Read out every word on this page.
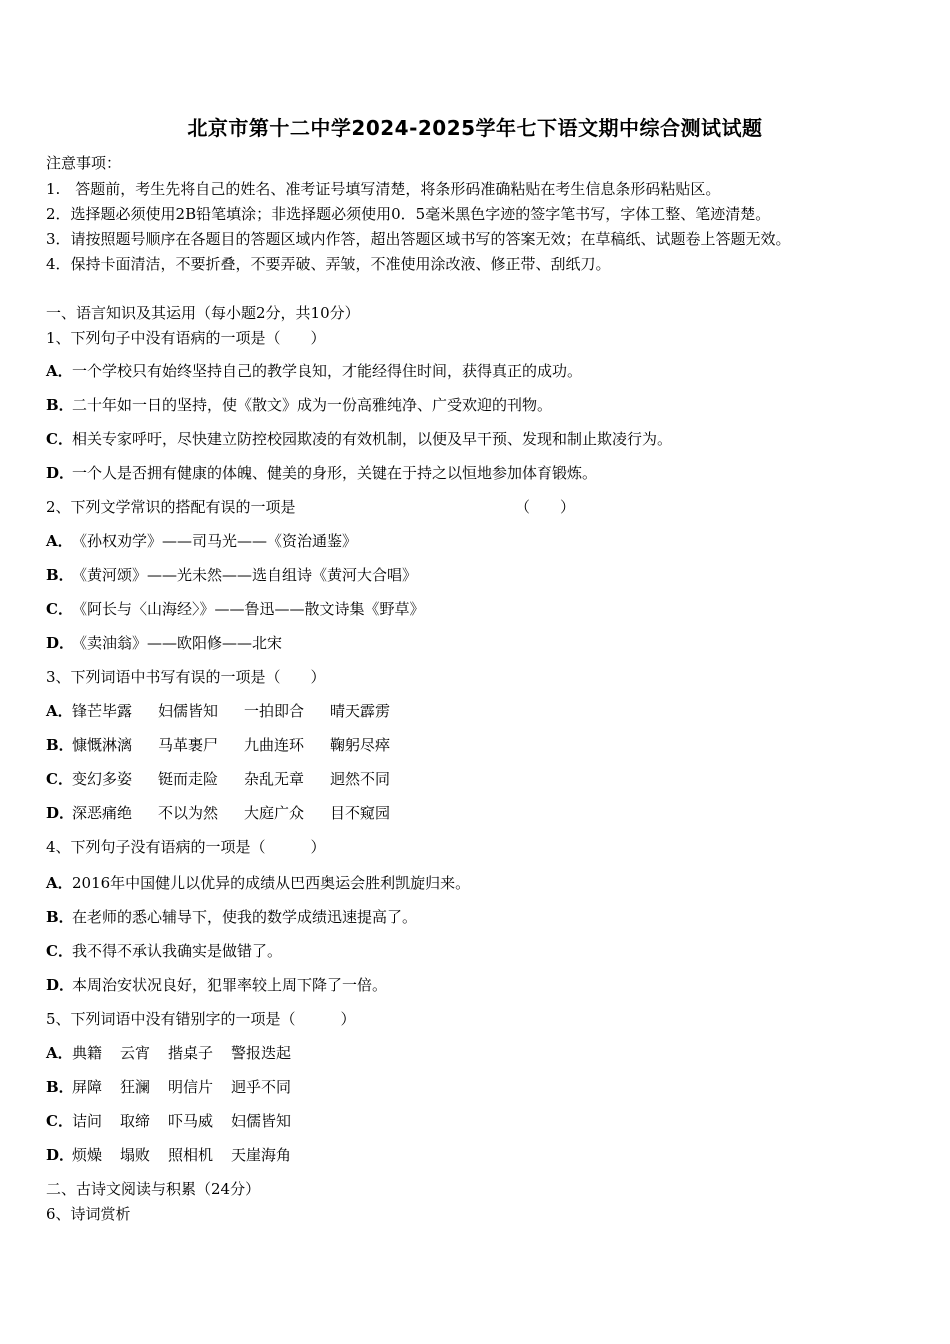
北京市第十二中学2024-2025学年七下语文期中综合测试试题
注意事项：
1.　答题前，考生先将自己的姓名、准考证号填写清楚，将条形码准确粘贴在考生信息条形码粘贴区。
2．选择题必须使用2B铅笔填涂；非选择题必须使用0．5毫米黑色字迹的签字笔书写，字体工整、笔迹清楚。
3．请按照题号顺序在各题目的答题区域内作答，超出答题区域书写的答案无效；在草稿纸、试题卷上答题无效。
4．保持卡面清洁，不要折叠，不要弄破、弄皱，不准使用涂改液、修正带、刮纸刀。
一、语言知识及其运用（每小题2分，共10分）
1、下列句子中没有语病的一项是（　　）
A．一个学校只有始终坚持自己的教学良知，才能经得住时间，获得真正的成功。
B．二十年如一日的坚持，使《散文》成为一份高雅纯净、广受欢迎的刊物。
C．相关专家呼吁，尽快建立防控校园欺凌的有效机制，以便及早干预、发现和制止欺凌行为。
D．一个人是否拥有健康的体魄、健美的身形，关键在于持之以恒地参加体育锻炼。
2、下列文学常识的搭配有误的一项是	（　　）
A．《孙权劝学》——司马光——《资治通鉴》
B．《黄河颂》——光未然——选自组诗《黄河大合唱》
C．《阿长与〈山海经〉》——鲁迅——散文诗集《野草》
D．《卖油翁》——欧阳修——北宋
3、下列词语中书写有误的一项是（　　）
A．锋芒毕露 妇儒皆知 一拍即合 晴天霹雳
B．慷慨淋漓 马革裹尸 九曲连环 鞠躬尽瘁
C．变幻多姿 铤而走险 杂乱无章 迥然不同
D．深恶痛绝 不以为然 大庭广众 目不窥园
4、下列句子没有语病的一项是（　　　）
A．2016年中国健儿以优异的成绩从巴西奥运会胜利凯旋归来。
B．在老师的悉心辅导下，使我的数学成绩迅速提高了。
C．我不得不承认我确实是做错了。
D．本周治安状况良好，犯罪率较上周下降了一倍。
5、下列词语中没有错别字的一项是（　　　）
A．典籍 云宵 揩桌子 警报迭起
B．屏障 狂澜 明信片 迥乎不同
C．诘问 取缔 吓马威 妇儒皆知
D．烦燥 塌败 照相机 天崖海角
二、古诗文阅读与积累（24分）
6、诗词赏析
